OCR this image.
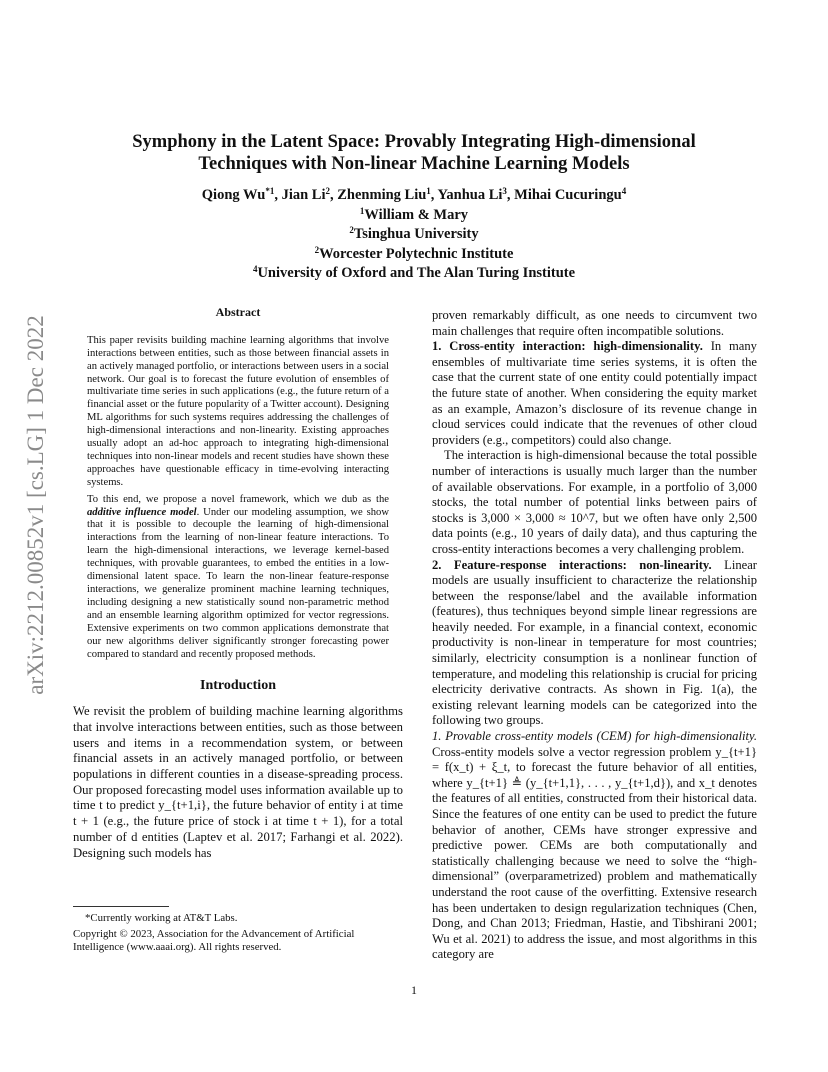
arXiv:2212.00852v1 [cs.LG] 1 Dec 2022
Symphony in the Latent Space: Provably Integrating High-dimensional
Techniques with Non-linear Machine Learning Models
Qiong Wu$^{*1}$, Jian Li$^2$, Zhenming Liu$^1$, Yanhua Li$^3$, Mihai Cucuringu$^4$
$^1$William & Mary
$^2$Tsinghua University
$^2$Worcester Polytechnic Institute
$^4$University of Oxford and The Alan Turing Institute
Abstract

This paper revisits building machine learning algorithms that involve interactions between entities, such as those between financial assets in an actively managed portfolio, or interactions between users in a social network. Our goal is to forecast the future evolution of ensembles of multivariate time series in such applications (e.g., the future return of a financial asset or the future popularity of a Twitter account). Designing ML algorithms for such systems requires addressing the challenges of high-dimensional interactions and non-linearity. Existing approaches usually adopt an ad-hoc approach to integrating high-dimensional techniques into non-linear models and recent studies have shown these approaches have questionable efficacy in time-evolving interacting systems.

To this end, we propose a novel framework, which we dub as the additive influence model. Under our modeling assumption, we show that it is possible to decouple the learning of high-dimensional interactions from the learning of non-linear feature interactions. To learn the high-dimensional interactions, we leverage kernel-based techniques, with provable guarantees, to embed the entities in a low-dimensional latent space. To learn the non-linear feature-response interactions, we generalize prominent machine learning techniques, including designing a new statistically sound non-parametric method and an ensemble learning algorithm optimized for vector regressions. Extensive experiments on two common applications demonstrate that our new algorithms deliver significantly stronger forecasting power compared to standard and recently proposed methods.

Introduction

We revisit the problem of building machine learning algorithms that involve interactions between entities, such as those between users and items in a recommendation system, or between financial assets in an actively managed portfolio, or between populations in different counties in a disease-spreading process. Our proposed forecasting model uses information available up to time t to predict y_{t+1,i}, the future behavior of entity i at time t + 1 (e.g., the future price of stock i at time t + 1), for a total number of d entities (Laptev et al. 2017; Farhangi et al. 2022). Designing such models has

*Currently working at AT&T Labs.

Copyright © 2023, Association for the Advancement of Artificial Intelligence (www.aaai.org). All rights reserved.

proven remarkably difficult, as one needs to circumvent two main challenges that require often incompatible solutions.

1. Cross-entity interaction: high-dimensionality. In many ensembles of multivariate time series systems, it is often the case that the current state of one entity could potentially impact the future state of another. When considering the equity market as an example, Amazon’s disclosure of its revenue change in cloud services could indicate that the revenues of other cloud providers (e.g., competitors) could also change.

The interaction is high-dimensional because the total possible number of interactions is usually much larger than the number of available observations. For example, in a portfolio of 3,000 stocks, the total number of potential links between pairs of stocks is 3,000 × 3,000 ≈ 10^7, but we often have only 2,500 data points (e.g., 10 years of daily data), and thus capturing the cross-entity interactions becomes a very challenging problem.

2. Feature-response interactions: non-linearity. Linear models are usually insufficient to characterize the relationship between the response/label and the available information (features), thus techniques beyond simple linear regressions are heavily needed. For example, in a financial context, economic productivity is non-linear in temperature for most countries; similarly, electricity consumption is a nonlinear function of temperature, and modeling this relationship is crucial for pricing electricity derivative contracts. As shown in Fig. 1(a), the existing relevant learning models can be categorized into the following two groups.

1. Provable cross-entity models (CEM) for high-dimensionality. Cross-entity models solve a vector regression problem y_{t+1} = f(x_t) + ξ_t, to forecast the future behavior of all entities, where y_{t+1} ≜ (y_{t+1,1}, . . . , y_{t+1,d}), and x_t denotes the features of all entities, constructed from their historical data. Since the features of one entity can be used to predict the future behavior of another, CEMs have stronger expressive and predictive power. CEMs are both computationally and statistically challenging because we need to solve the “high-dimensional” (overparametrized) problem and mathematically understand the root cause of the overfitting. Extensive research has been undertaken to design regularization techniques (Chen, Dong, and Chan 2013; Friedman, Hastie, and Tibshirani 2001; Wu et al. 2021) to address the issue, and most algorithms in this category are

1
